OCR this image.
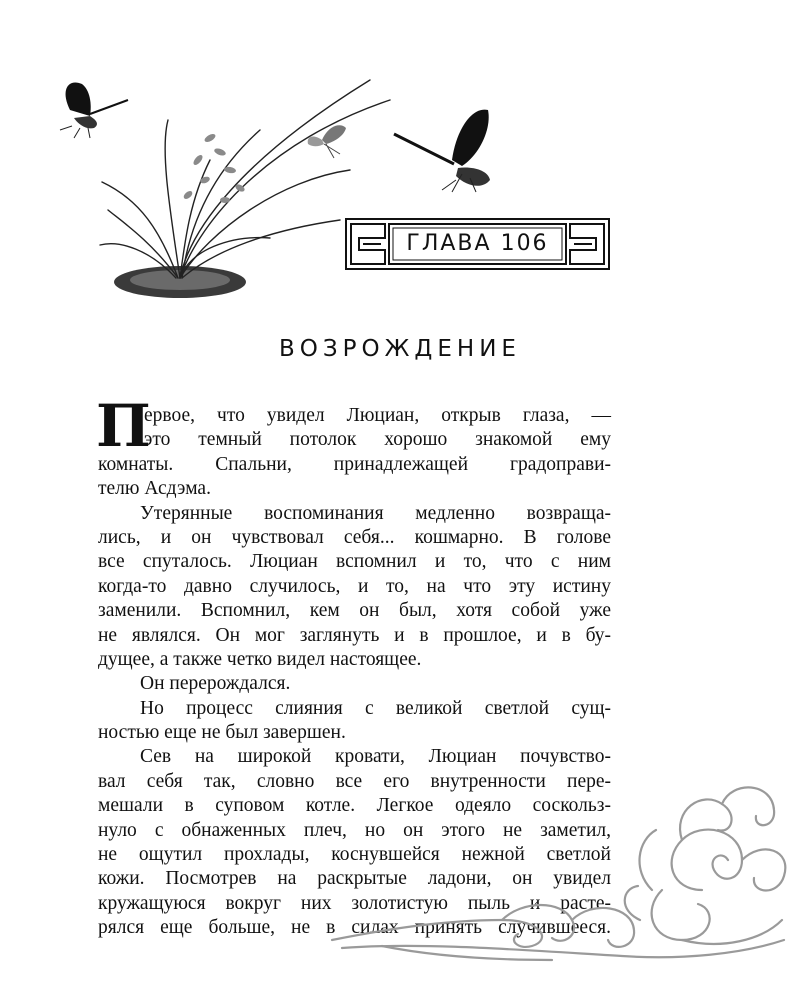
ГЛАВА 106
ВОЗРОЖДЕНИЕ
П
ервое, что увидел Люциан, открыв глаза, —
это темный потолок хорошо знакомой ему
комнаты. Спальни, принадлежащей градоправи-
телю Асдэма.
Утерянные воспоминания медленно возвраща-
лись, и он чувствовал себя... кошмарно. В голове
все спуталось. Люциан вспомнил и то, что с ним
когда-то давно случилось, и то, на что эту истину
заменили. Вспомнил, кем он был, хотя собой уже
не являлся. Он мог заглянуть и в прошлое, и в бу-
дущее, а также четко видел настоящее.
Он перерождался.
Но процесс слияния с великой светлой сущ-
ностью еще не был завершен.
Сев на широкой кровати, Люциан почувство-
вал себя так, словно все его внутренности пере-
мешали в суповом котле. Легкое одеяло соскольз-
нуло с обнаженных плеч, но он этого не заметил,
не ощутил прохлады, коснувшейся нежной светлой
кожи. Посмотрев на раскрытые ладони, он увидел
кружащуюся вокруг них золотистую пыль и расте-
рялся еще больше, не в силах принять случившееся.
